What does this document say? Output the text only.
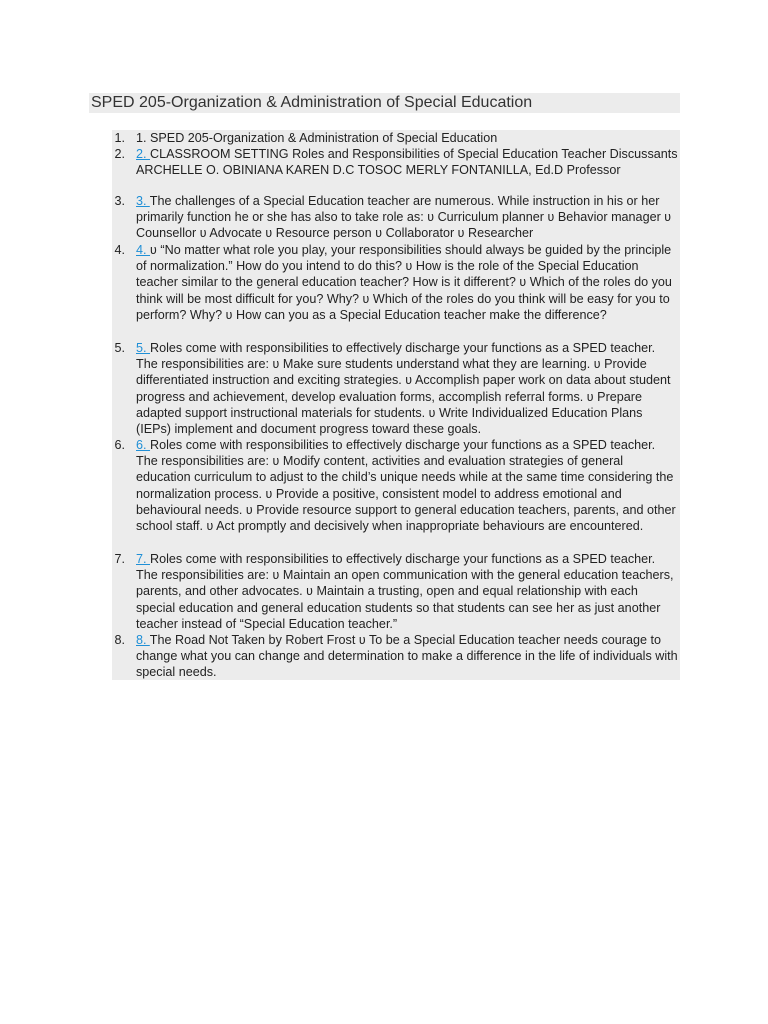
SPED 205-Organization & Administration of Special Education
1. 1. SPED 205-Organization & Administration of Special Education
2. 2. CLASSROOM SETTING Roles and Responsibilities of Special Education Teacher Discussants ARCHELLE O. OBINIANA KAREN D.C TOSOC MERLY FONTANILLA, Ed.D Professor
3. 3. The challenges of a Special Education teacher are numerous. While instruction in his or her primarily function he or she has also to take role as: ʋ Curriculum planner ʋ Behavior manager ʋ Counsellor ʋ Advocate ʋ Resource person ʋ Collaborator ʋ Researcher
4. 4. ʋ “No matter what role you play, your responsibilities should always be guided by the principle of normalization.” How do you intend to do this? ʋ How is the role of the Special Education teacher similar to the general education teacher? How is it different? ʋ Which of the roles do you think will be most difficult for you? Why? ʋ Which of the roles do you think will be easy for you to perform? Why? ʋ How can you as a Special Education teacher make the difference?
5. 5. Roles come with responsibilities to effectively discharge your functions as a SPED teacher. The responsibilities are: ʋ Make sure students understand what they are learning. ʋ Provide differentiated instruction and exciting strategies. ʋ Accomplish paper work on data about student progress and achievement, develop evaluation forms, accomplish referral forms. ʋ Prepare adapted support instructional materials for students. ʋ Write Individualized Education Plans (IEPs) implement and document progress toward these goals.
6. 6. Roles come with responsibilities to effectively discharge your functions as a SPED teacher. The responsibilities are: ʋ Modify content, activities and evaluation strategies of general education curriculum to adjust to the child’s unique needs while at the same time considering the normalization process. ʋ Provide a positive, consistent model to address emotional and behavioural needs. ʋ Provide resource support to general education teachers, parents, and other school staff. ʋ Act promptly and decisively when inappropriate behaviours are encountered.
7. 7. Roles come with responsibilities to effectively discharge your functions as a SPED teacher. The responsibilities are: ʋ Maintain an open communication with the general education teachers, parents, and other advocates. ʋ Maintain a trusting, open and equal relationship with each special education and general education students so that students can see her as just another teacher instead of “Special Education teacher.”
8. 8. The Road Not Taken by Robert Frost ʋ To be a Special Education teacher needs courage to change what you can change and determination to make a difference in the life of individuals with special needs.
